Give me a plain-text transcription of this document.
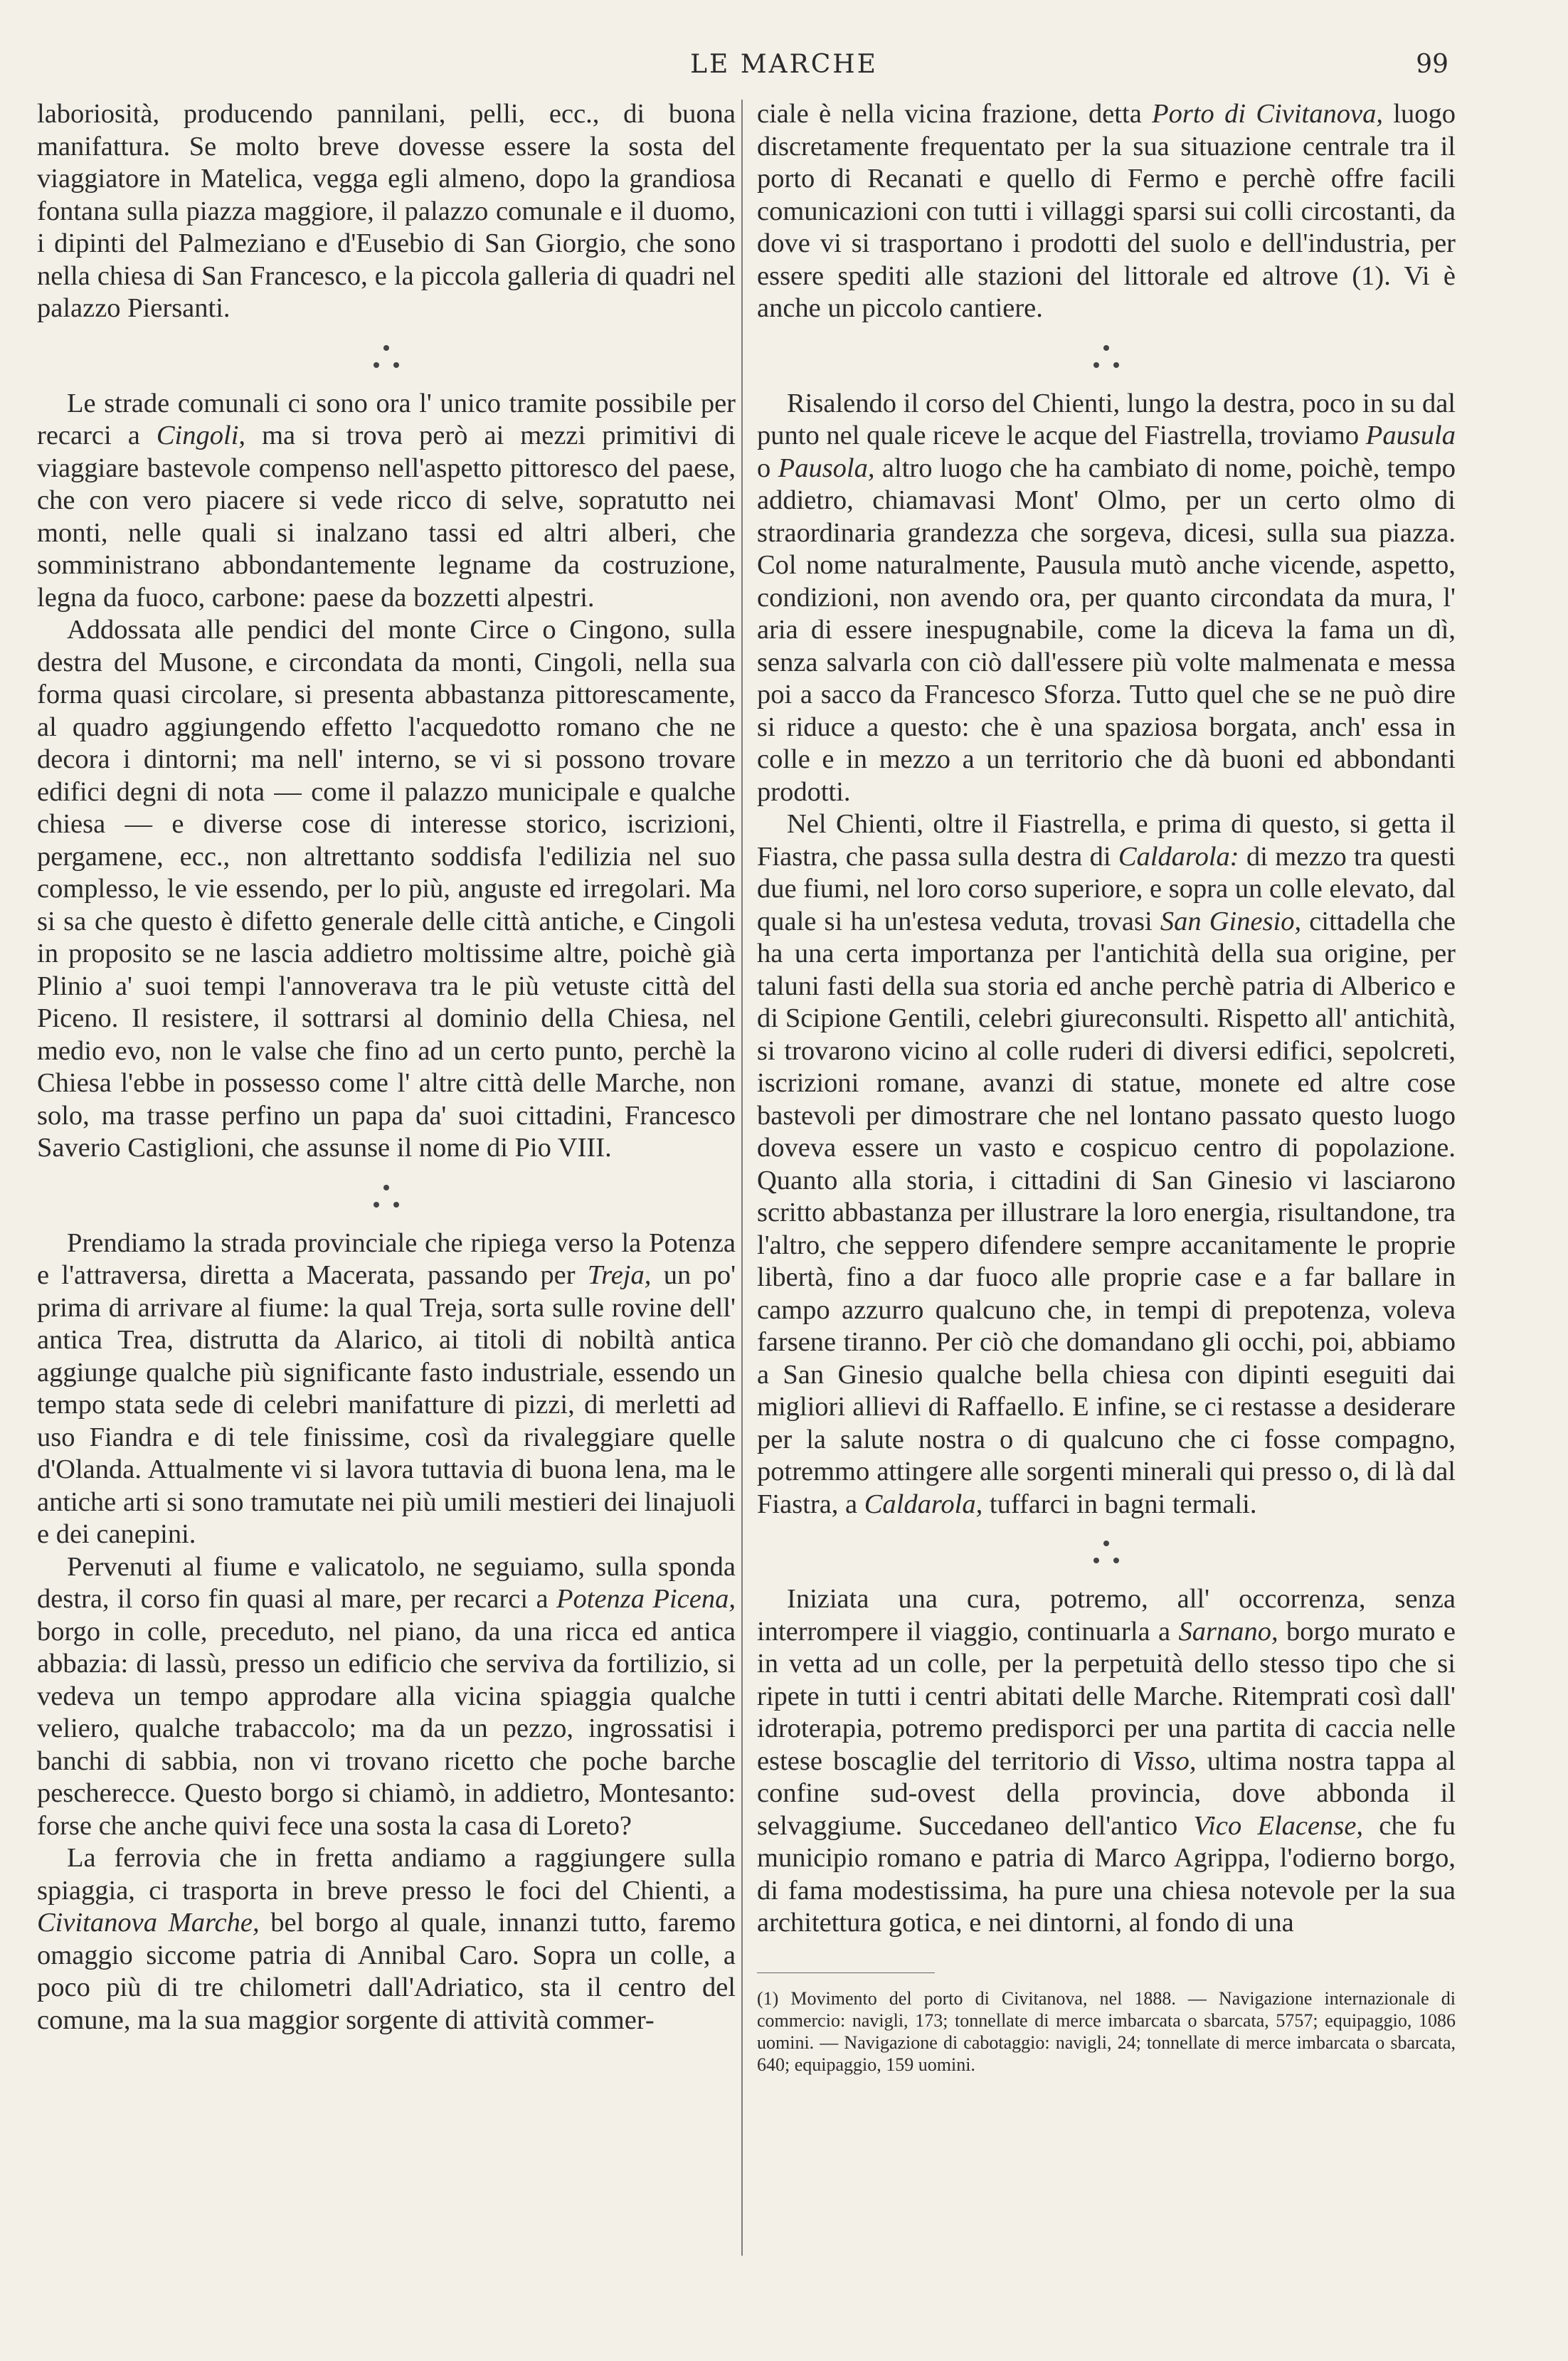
LE MARCHE	99

laboriosità, producendo pannilani, pelli, ecc., di buona manifattura. Se molto breve dovesse essere la sosta del viaggiatore in Matelica, vegga egli almeno, dopo la grandiosa fontana sulla piazza maggiore, il palazzo comunale e il duomo, i dipinti del Palmeziano e d'Eusebio di San Giorgio, che sono nella chiesa di San Francesco, e la piccola galleria di quadri nel palazzo Piersanti.

Le strade comunali ci sono ora l' unico tramite possibile per recarci a Cingoli, ma si trova però ai mezzi primitivi di viaggiare bastevole compenso nell'aspetto pittoresco del paese, che con vero piacere si vede ricco di selve, sopratutto nei monti, nelle quali si inalzano tassi ed altri alberi, che somministrano abbondantemente legname da costruzione, legna da fuoco, carbone: paese da bozzetti alpestri.

Addossata alle pendici del monte Circe o Cingono, sulla destra del Musone, e circondata da monti, Cingoli, nella sua forma quasi circolare, si presenta abbastanza pittorescamente, al quadro aggiungendo effetto l'acquedotto romano che ne decora i dintorni; ma nell' interno, se vi si possono trovare edifici degni di nota — come il palazzo municipale e qualche chiesa — e diverse cose di interesse storico, iscrizioni, pergamene, ecc., non altrettanto soddisfa l'edilizia nel suo complesso, le vie essendo, per lo più, anguste ed irregolari. Ma si sa che questo è difetto generale delle città antiche, e Cingoli in proposito se ne lascia addietro moltissime altre, poichè già Plinio a' suoi tempi l'annoverava tra le più vetuste città del Piceno. Il resistere, il sottrarsi al dominio della Chiesa, nel medio evo, non le valse che fino ad un certo punto, perchè la Chiesa l'ebbe in possesso come l' altre città delle Marche, non solo, ma trasse perfino un papa da' suoi cittadini, Francesco Saverio Castiglioni, che assunse il nome di Pio VIII.

Prendiamo la strada provinciale che ripiega verso la Potenza e l'attraversa, diretta a Macerata, passando per Treja, un po' prima di arrivare al fiume: la qual Treja, sorta sulle rovine dell' antica Trea, distrutta da Alarico, ai titoli di nobiltà antica aggiunge qualche più significante fasto industriale, essendo un tempo stata sede di celebri manifatture di pizzi, di merletti ad uso Fiandra e di tele finissime, così da rivaleggiare quelle d'Olanda. Attualmente vi si lavora tuttavia di buona lena, ma le antiche arti si sono tramutate nei più umili mestieri dei linajuoli e dei canepini.

Pervenuti al fiume e valicatolo, ne seguiamo, sulla sponda destra, il corso fin quasi al mare, per recarci a Potenza Picena, borgo in colle, preceduto, nel piano, da una ricca ed antica abbazia: di lassù, presso un edificio che serviva da fortilizio, si vedeva un tempo approdare alla vicina spiaggia qualche veliero, qualche trabaccolo; ma da un pezzo, ingrossatisi i banchi di sabbia, non vi trovano ricetto che poche barche pescherecce. Questo borgo si chiamò, in addietro, Montesanto: forse che anche quivi fece una sosta la casa di Loreto?

La ferrovia che in fretta andiamo a raggiungere sulla spiaggia, ci trasporta in breve presso le foci del Chienti, a Civitanova Marche, bel borgo al quale, innanzi tutto, faremo omaggio siccome patria di Annibal Caro. Sopra un colle, a poco più di tre chilometri dall'Adriatico, sta il centro del comune, ma la sua maggior sorgente di attività commer-

ciale è nella vicina frazione, detta Porto di Civitanova, luogo discretamente frequentato per la sua situazione centrale tra il porto di Recanati e quello di Fermo e perchè offre facili comunicazioni con tutti i villaggi sparsi sui colli circostanti, da dove vi si trasportano i prodotti del suolo e dell'industria, per essere spediti alle stazioni del littorale ed altrove (1). Vi è anche un piccolo cantiere.

Risalendo il corso del Chienti, lungo la destra, poco in su dal punto nel quale riceve le acque del Fiastrella, troviamo Pausula o Pausola, altro luogo che ha cambiato di nome, poichè, tempo addietro, chiamavasi Mont' Olmo, per un certo olmo di straordinaria grandezza che sorgeva, dicesi, sulla sua piazza. Col nome naturalmente, Pausula mutò anche vicende, aspetto, condizioni, non avendo ora, per quanto circondata da mura, l' aria di essere inespugnabile, come la diceva la fama un dì, senza salvarla con ciò dall'essere più volte malmenata e messa poi a sacco da Francesco Sforza. Tutto quel che se ne può dire si riduce a questo: che è una spaziosa borgata, anch' essa in colle e in mezzo a un territorio che dà buoni ed abbondanti prodotti.

Nel Chienti, oltre il Fiastrella, e prima di questo, si getta il Fiastra, che passa sulla destra di Caldarola: di mezzo tra questi due fiumi, nel loro corso superiore, e sopra un colle elevato, dal quale si ha un'estesa veduta, trovasi San Ginesio, cittadella che ha una certa importanza per l'antichità della sua origine, per taluni fasti della sua storia ed anche perchè patria di Alberico e di Scipione Gentili, celebri giureconsulti. Rispetto all' antichità, si trovarono vicino al colle ruderi di diversi edifici, sepolcreti, iscrizioni romane, avanzi di statue, monete ed altre cose bastevoli per dimostrare che nel lontano passato questo luogo doveva essere un vasto e cospicuo centro di popolazione. Quanto alla storia, i cittadini di San Ginesio vi lasciarono scritto abbastanza per illustrare la loro energia, risultandone, tra l'altro, che seppero difendere sempre accanitamente le proprie libertà, fino a dar fuoco alle proprie case e a far ballare in campo azzurro qualcuno che, in tempi di prepotenza, voleva farsene tiranno. Per ciò che domandano gli occhi, poi, abbiamo a San Ginesio qualche bella chiesa con dipinti eseguiti dai migliori allievi di Raffaello. E infine, se ci restasse a desiderare per la salute nostra o di qualcuno che ci fosse compagno, potremmo attingere alle sorgenti minerali qui presso o, di là dal Fiastra, a Caldarola, tuffarci in bagni termali.

Iniziata una cura, potremo, all' occorrenza, senza interrompere il viaggio, continuarla a Sarnano, borgo murato e in vetta ad un colle, per la perpetuità dello stesso tipo che si ripete in tutti i centri abitati delle Marche. Ritemprati così dall' idroterapia, potremo predisporci per una partita di caccia nelle estese boscaglie del territorio di Visso, ultima nostra tappa al confine sud-ovest della provincia, dove abbonda il selvaggiume. Succedaneo dell'antico Vico Elacense, che fu municipio romano e patria di Marco Agrippa, l'odierno borgo, di fama modestissima, ha pure una chiesa notevole per la sua architettura gotica, e nei dintorni, al fondo di una

(1) Movimento del porto di Civitanova, nel 1888. — Navigazione internazionale di commercio: navigli, 173; tonnellate di merce imbarcata o sbarcata, 5757; equipaggio, 1086 uomini. — Navigazione di cabotaggio: navigli, 24; tonnellate di merce imbarcata o sbarcata, 640; equipaggio, 159 uomini.
